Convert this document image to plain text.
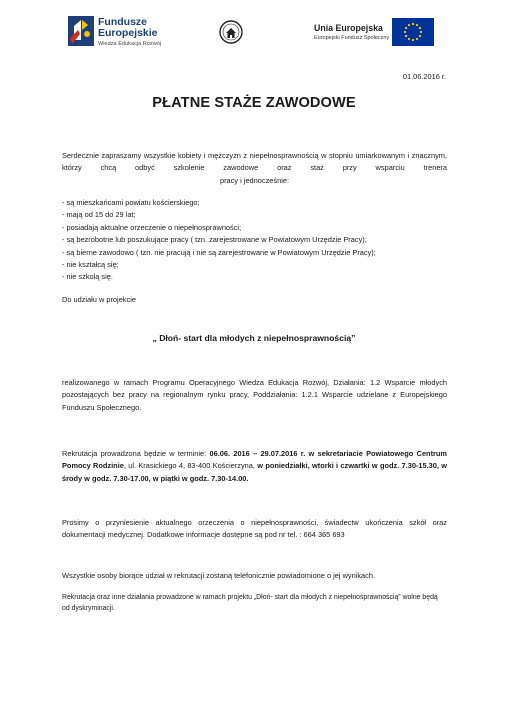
Fundusze
Europejskie
Wiedza Edukacja Rozwój
Unia Europejska
Europejski Fundusz Społeczny
01.06.2016 r.
PŁATNE STAŻE ZAWODOWE
Serdecznie zapraszamy wszystkie kobiety i mężczyzn z niepełnosprawnością w stopniu umiarkowanym i znacznym, którzy chcą odbyć szkolenie zawodowe oraz staż przy wsparciu trenera
pracy i jednocześnie:
- są mieszkańcami powiatu kościerskiego;
- mają od 15 do 29 lat;
- posiadają aktualne orzeczenie o niepełnosprawności;
- są bezrobotne lub poszukujące pracy ( tzn. zarejestrowane w Powiatowym Urzędzie Pracy);
- są bierne zawodowo ( tzn. nie pracują i nie są zarejestrowane w Powiatowym Urzędzie Pracy);
- nie kształcą się;
- nie szkolą się.
Do udziału w projekcie
„ Dłoń- start dla młodych z niepełnosprawnością”
realizowanego w ramach Programu Operacyjnego Wiedza Edukacja Rozwój, Działania: 1.2 Wsparcie młodych pozostających bez pracy na regionalnym rynku pracy, Poddziałania: 1.2.1 Wsparcie udzielane z Europejskiego Funduszu Społecznego.
Rekrutacja prowadzona będzie w terminie: 06.06. 2016 – 29.07.2016 r. w sekretariacie Powiatowego Centrum Pomocy Rodzinie, ul. Krasickiego 4, 83-400 Kościerzyna, w poniedziałki, wtorki i czwartki w godz. 7.30-15.30, w środy w godz. 7.30-17.00, w piątki w godz. 7.30-14.00.
Prosimy o przyniesienie aktualnego orzeczenia o niepełnosprawności, świadectw ukończenia szkół oraz dokumentacji medycznej. Dodatkowe informacje dostępne są pod nr tel. : 664 365 693
Wszystkie osoby biorące udział w rekrutacji zostaną telefonicznie powiadomione o jej wynikach.
Rekrutacja oraz inne działania prowadzone w ramach projektu „Dłoń- start dla młodych z niepełnosprawnością” wolne będą od dyskryminacji.
